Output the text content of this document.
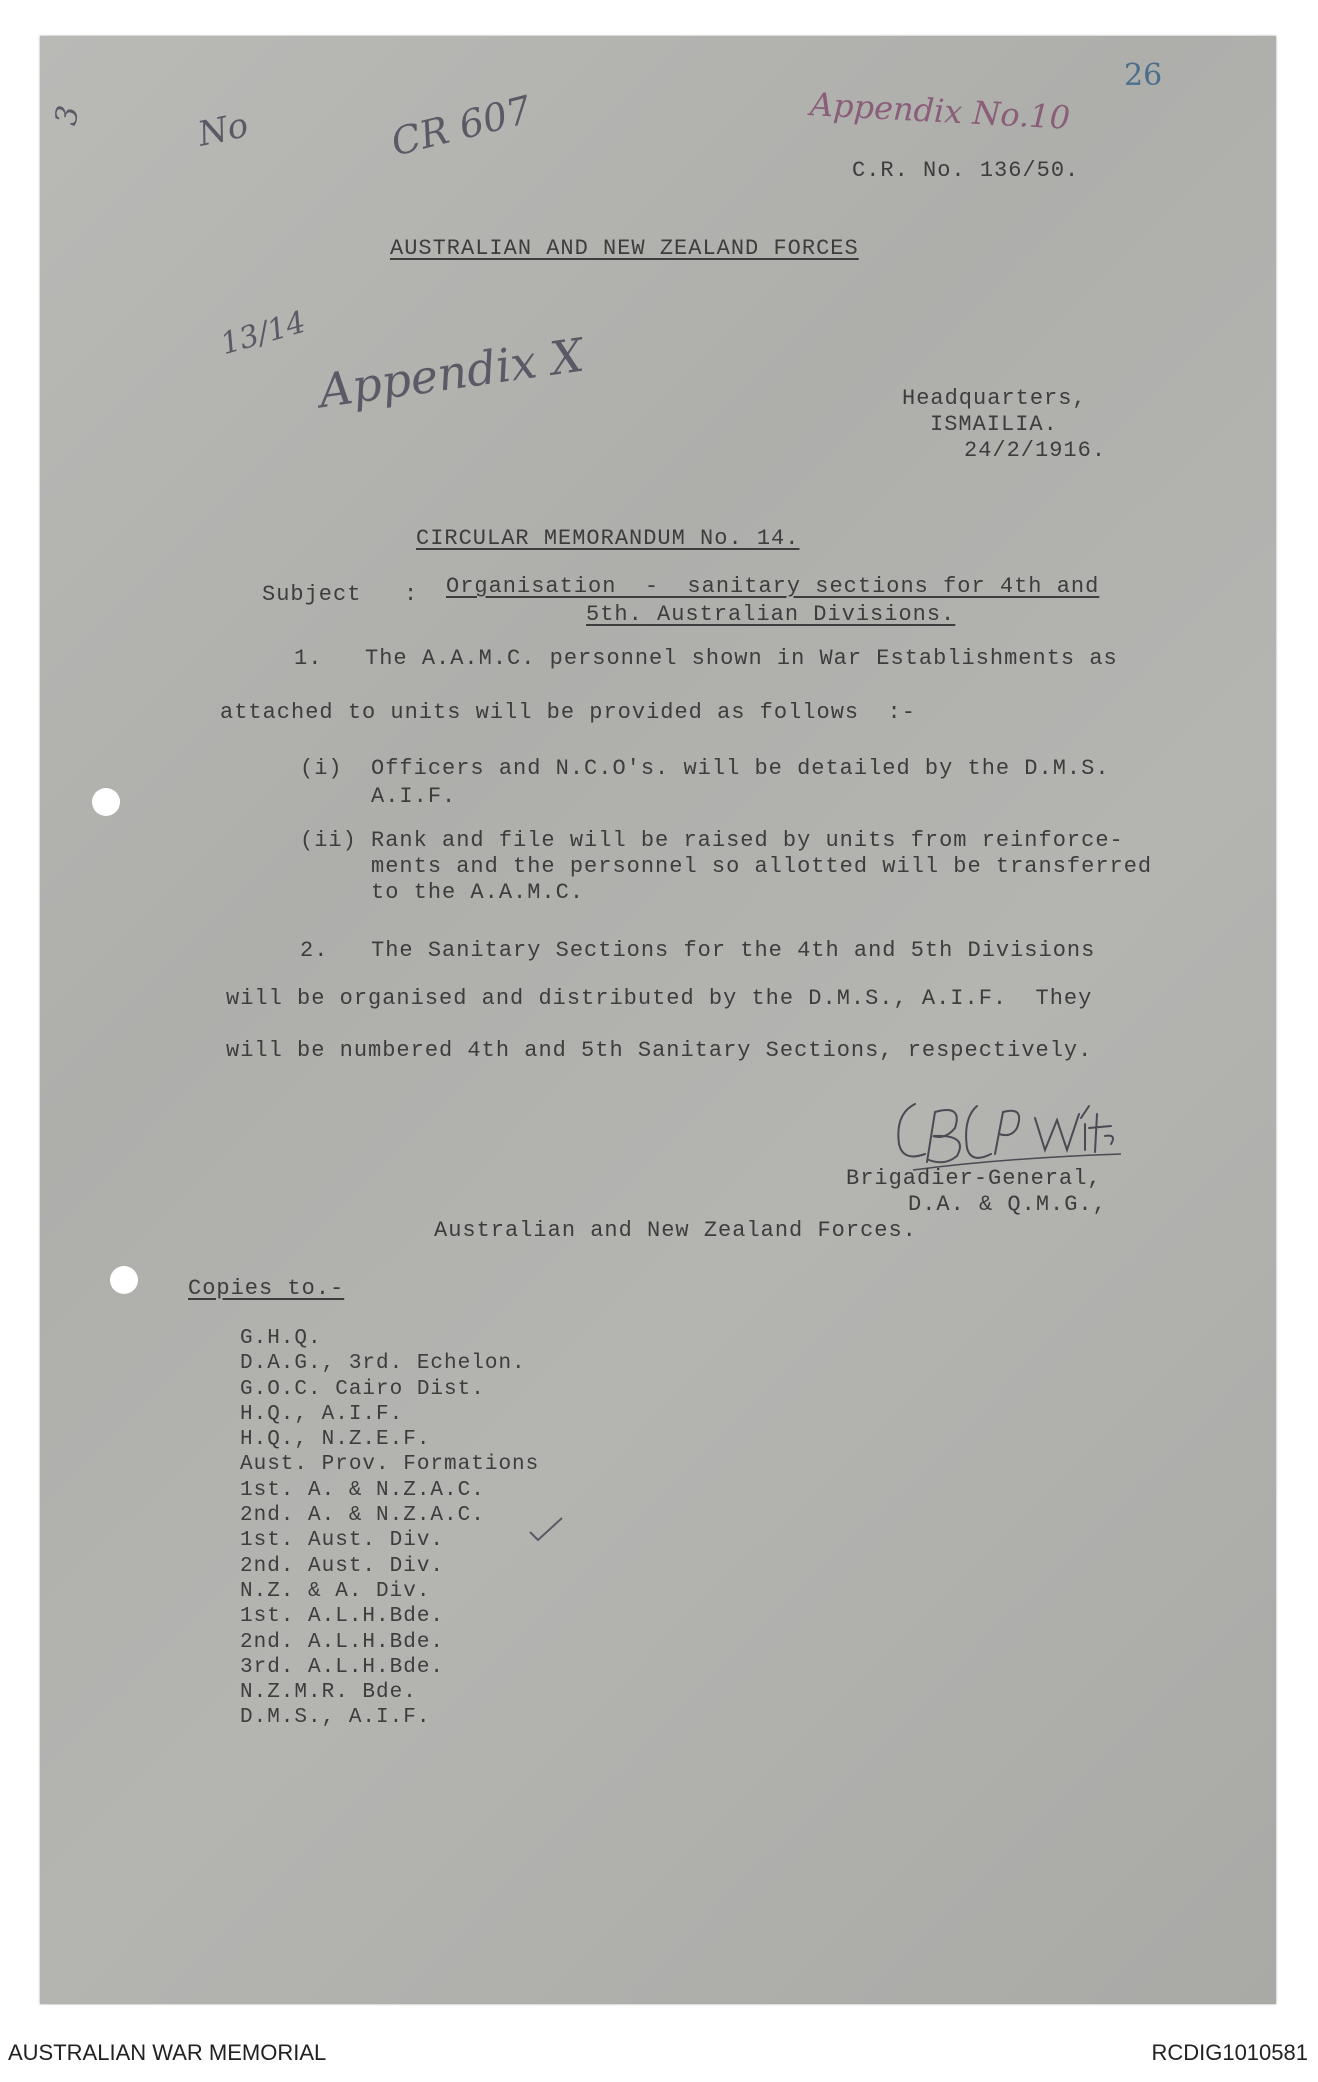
3	No	CR 607	Appendix No.10
26
13/14 Appendix X
C.R. No. 136/50.
AUSTRALIAN AND NEW ZEALAND FORCES
Headquarters,
ISMAILIA.
24/2/1916.
CIRCULAR MEMORANDUM No. 14.
Subject   : Organisation  -  sanitary sections for 4th and
5th. Australian Divisions.
1.   The A.A.M.C. personnel shown in War Establishments as
attached to units will be provided as follows  :-
(i)  Officers and N.C.O's. will be detailed by the D.M.S.
A.I.F.
(ii) Rank and file will be raised by units from reinforce-
ments and the personnel so allotted will be transferred
to the A.A.M.C.
2.   The Sanitary Sections for the 4th and 5th Divisions
will be organised and distributed by the D.M.S., A.I.F.  They
will be numbered 4th and 5th Sanitary Sections, respectively.
Brigadier-General,
D.A. & Q.M.G.,
Australian and New Zealand Forces.
Copies to.-
G.H.Q.
D.A.G., 3rd. Echelon.
G.O.C. Cairo Dist.
H.Q., A.I.F.
H.Q., N.Z.E.F.
Aust. Prov. Formations
1st. A. & N.Z.A.C.
2nd. A. & N.Z.A.C.
1st. Aust. Div.
2nd. Aust. Div.
N.Z. & A. Div.
1st. A.L.H.Bde.
2nd. A.L.H.Bde.
3rd. A.L.H.Bde.
N.Z.M.R. Bde.
D.M.S., A.I.F.
AUSTRALIAN WAR MEMORIAL	RCDIG1010581
